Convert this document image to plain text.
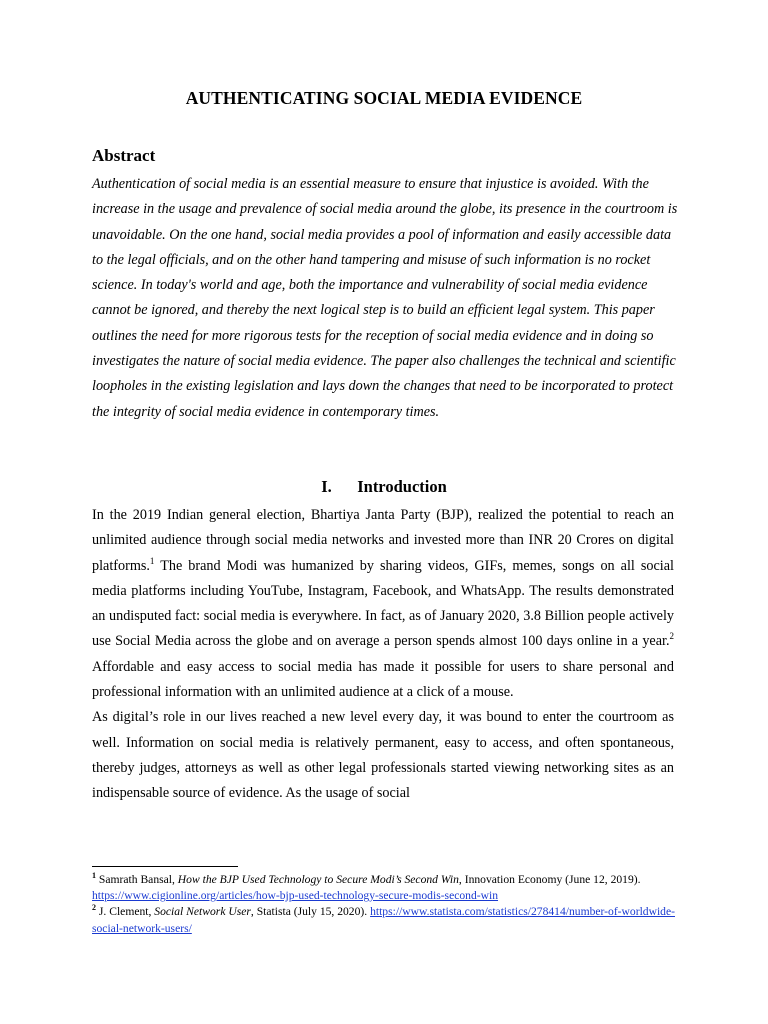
AUTHENTICATING SOCIAL MEDIA EVIDENCE
Abstract

Authentication of social media is an essential measure to ensure that injustice is avoided. With the increase in the usage and prevalence of social media around the globe, its presence in the courtroom is unavoidable. On the one hand, social media provides a pool of information and easily accessible data to the legal officials, and on the other hand tampering and misuse of such information is no rocket science. In today's world and age, both the importance and vulnerability of social media evidence cannot be ignored, and thereby the next logical step is to build an efficient legal system. This paper outlines the need for more rigorous tests for the reception of social media evidence and in doing so investigates the nature of social media evidence. The paper also challenges the technical and scientific loopholes in the existing legislation and lays down the changes that need to be incorporated to protect the integrity of social media evidence in contemporary times.

I. Introduction

In the 2019 Indian general election, Bhartiya Janta Party (BJP), realized the potential to reach an unlimited audience through social media networks and invested more than INR 20 Crores on digital platforms.$^1$ The brand Modi was humanized by sharing videos, GIFs, memes, songs on all social media platforms including YouTube, Instagram, Facebook, and WhatsApp. The results demonstrated an undisputed fact: social media is everywhere. In fact, as of January 2020, 3.8 Billion people actively use Social Media across the globe and on average a person spends almost 100 days online in a year.$^2$ Affordable and easy access to social media has made it possible for users to share personal and professional information with an unlimited audience at a click of a mouse.

As digital’s role in our lives reached a new level every day, it was bound to enter the courtroom as well. Information on social media is relatively permanent, easy to access, and often spontaneous, thereby judges, attorneys as well as other legal professionals started viewing networking sites as an indispensable source of evidence. As the usage of social

$^1$ Samrath Bansal, How the BJP Used Technology to Secure Modi’s Second Win, Innovation Economy (June 12, 2019). https://www.cigionline.org/articles/how-bjp-used-technology-secure-modis-second-win

$^2$ J. Clement, Social Network User, Statista (July 15, 2020). https://www.statista.com/statistics/278414/number-of-worldwide-social-network-users/
